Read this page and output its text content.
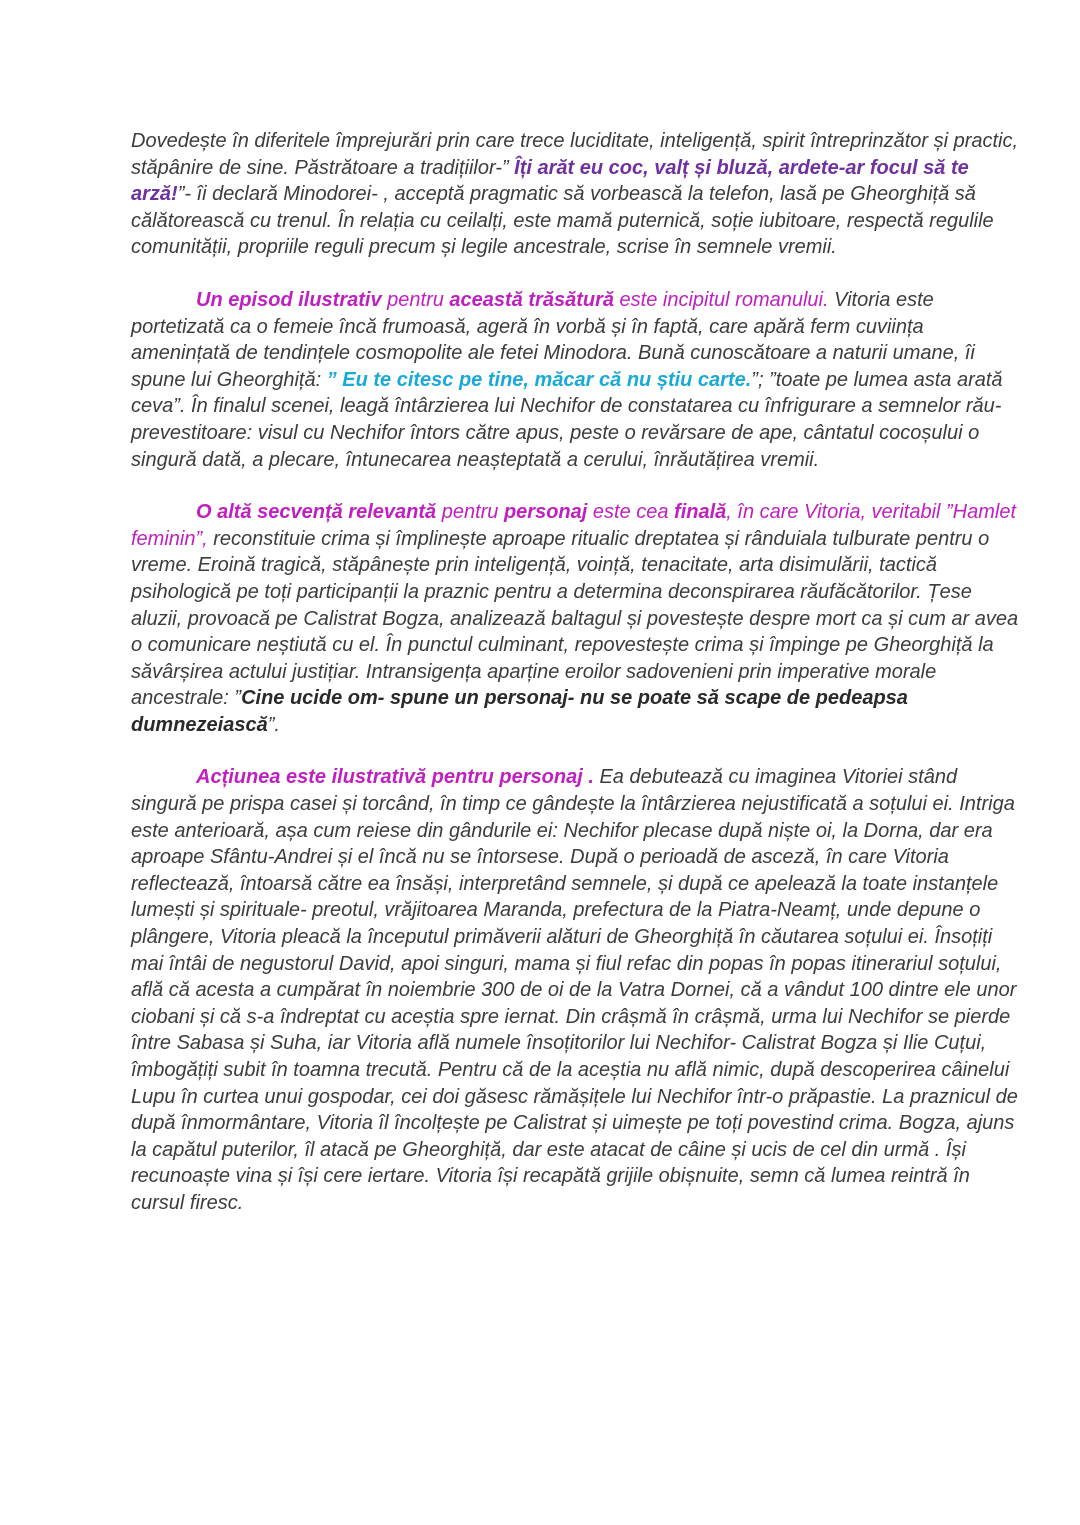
Dovedește în diferitele împrejurări prin care trece luciditate, inteligență, spirit întreprinzător și practic, stăpânire de sine. Păstrătoare a tradițiilor-” Îți arăt eu coc, valț și bluză, ardete-ar focul să te arză!”- îi declară Minodorei- , acceptă pragmatic să vorbească la telefon, lasă pe Gheorghiță să călătorească cu trenul. În relația cu ceilalți, este mamă puternică, soție iubitoare, respectă regulile comunității, propriile reguli precum și legile ancestrale, scrise în semnele vremii.

Un episod ilustrativ pentru această trăsătură este incipitul romanului. Vitoria este portetizată ca o femeie încă frumoasă, ageră în vorbă și în faptă, care apără ferm cuviința amenințată de tendințele cosmopolite ale fetei Minodora. Bună cunoscătoare a naturii umane, îi spune lui Gheorghiță: ” Eu te citesc pe tine, măcar că nu știu carte.”; ”toate pe lumea asta arată ceva”. În finalul scenei, leagă întârzierea lui Nechifor de constatarea cu înfrigurare a semnelor rău- prevestitoare: visul cu Nechifor întors către apus, peste o revărsare de ape, cântatul cocoșului o singură dată, a plecare, întunecarea neașteptată a cerului, înrăutățirea vremii.

O altă secvență relevantă pentru personaj este cea finală, în care Vitoria, veritabil ”Hamlet feminin”, reconstituie crima și împlinește aproape ritualic dreptatea și rânduiala tulburate pentru o vreme. Eroină tragică, stăpânește prin inteligență, voință, tenacitate, arta disimulării, tactică psihologică pe toți participanții la praznic pentru a determina deconspirarea răufăcătorilor. Țese aluzii, provoacă pe Calistrat Bogza, analizează baltagul și povestește despre mort ca și cum ar avea o comunicare neștiută cu el. În punctul culminant, repovestește crima și împinge pe Gheorghiță la săvârșirea actului justițiar. Intransigența aparține eroilor sadovenieni prin imperative morale ancestrale: ”Cine ucide om- spune un personaj- nu se poate să scape de pedeapsa dumnezeiască”.

Acțiunea este ilustrativă pentru personaj . Ea debutează cu imaginea Vitoriei stând singură pe prispa casei și torcând, în timp ce gândește la întârzierea nejustificată a soțului ei. Intriga este anterioară, așa cum reiese din gândurile ei: Nechifor plecase după niște oi, la Dorna, dar era aproape Sfântu-Andrei și el încă nu se întorsese. După o perioadă de asceză, în care Vitoria reflectează, întoarsă către ea însăși, interpretând semnele, și după ce apelează la toate instanțele lumești și spirituale- preotul, vrăjitoarea Maranda, prefectura de la Piatra-Neamț, unde depune o plângere, Vitoria pleacă la începutul primăverii alături de Gheorghiță în căutarea soțului ei. Însoțiți mai întâi de negustorul David, apoi singuri, mama și fiul refac din popas în popas itinerariul soțului, află că acesta a cumpărat în noiembrie 300 de oi de la Vatra Dornei, că a vândut 100 dintre ele unor ciobani și că s-a îndreptat cu aceștia spre iernat. Din crâșmă în crâșmă, urma lui Nechifor se pierde între Sabasa și Suha, iar Vitoria află numele însoțitorilor lui Nechifor- Calistrat Bogza și Ilie Cuțui, îmbogățiți subit în toamna trecută. Pentru că de la aceștia nu află nimic, după descoperirea câinelui Lupu în curtea unui gospodar, cei doi găsesc rămășițele lui Nechifor într-o prăpastie. La praznicul de după înmormântare, Vitoria îl încolțește pe Calistrat și uimește pe toți povestind crima. Bogza, ajuns la capătul puterilor, îl atacă pe Gheorghiță, dar este atacat de câine și ucis de cel din urmă . Își recunoaște vina și își cere iertare. Vitoria își recapătă grijile obișnuite, semn că lumea reintră în cursul firesc.
